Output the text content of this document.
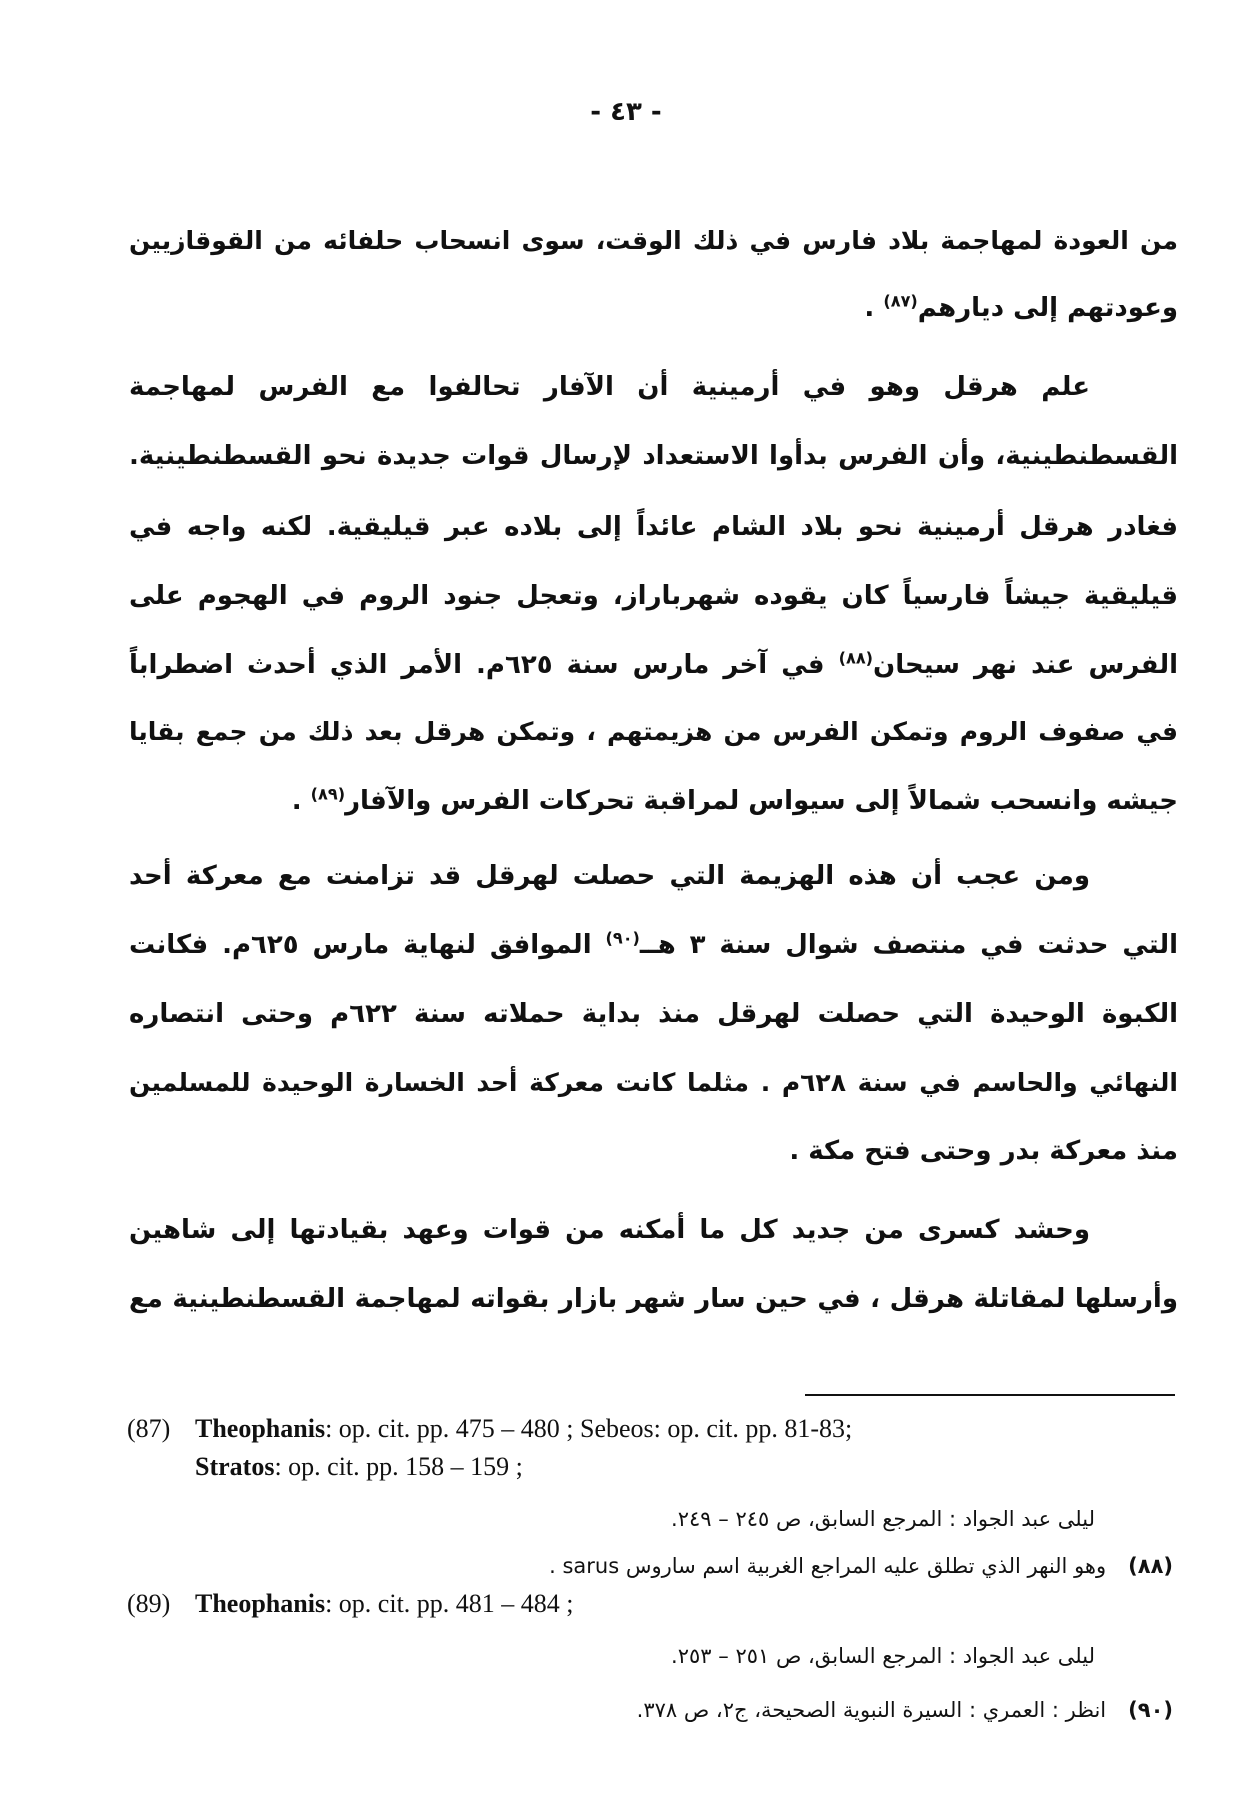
- ٤٣ -
من العودة لمهاجمة بلاد فارس في ذلك الوقت، سوى انسحاب حلفائه من القوقازيين
وعودتهم إلى ديارهم$^{(٨٧)}$ .
علم هرقل وهو في أرمينية أن الآفار تحالفوا مع الفرس لمهاجمة
القسطنطينية، وأن الفرس بدأوا الاستعداد لإرسال قوات جديدة نحو القسطنطينية.
فغادر هرقل أرمينية نحو بلاد الشام عائداً إلى بلاده عبر قيليقية. لكنه واجه في
قيليقية جيشاً فارسياً كان يقوده شهرباراز، وتعجل جنود الروم في الهجوم على
الفرس عند نهر سيحان$^{(٨٨)}$ في آخر مارس سنة ٦٢٥م. الأمر الذي أحدث اضطراباً
في صفوف الروم وتمكن الفرس من هزيمتهم ، وتمكن هرقل بعد ذلك من جمع بقايا
جيشه وانسحب شمالاً إلى سيواس لمراقبة تحركات الفرس والآفار$^{(٨٩)}$ .
ومن عجب أن هذه الهزيمة التي حصلت لهرقل قد تزامنت مع معركة أحد
التي حدثت في منتصف شوال سنة ٣ هــ$^{(٩٠)}$ الموافق لنهاية مارس ٦٢٥م. فكانت
الكبوة الوحيدة التي حصلت لهرقل منذ بداية حملاته سنة ٦٢٢م وحتى انتصاره
النهائي والحاسم في سنة ٦٢٨م . مثلما كانت معركة أحد الخسارة الوحيدة للمسلمين
منذ معركة بدر وحتى فتح مكة .
وحشد كسرى من جديد كل ما أمكنه من قوات وعهد بقيادتها إلى شاهين
وأرسلها لمقاتلة هرقل ، في حين سار شهر بازار بقواته لمهاجمة القسطنطينية مع
(87) Theophanis: op. cit. pp. 475 – 480 ; Sebeos: op. cit. pp. 81-83;
Stratos: op. cit. pp. 158 – 159 ;
ليلى عبد الجواد : المرجع السابق، ص ٢٤٥ – ٢٤٩.
(٨٨)وهو النهر الذي تطلق عليه المراجع الغربية اسم ساروس sarus .
(89) Theophanis: op. cit. pp. 481 – 484 ;
ليلى عبد الجواد : المرجع السابق، ص ٢٥١ – ٢٥٣.
(٩٠)انظر : العمري : السيرة النبوية الصحيحة، ج٢، ص ٣٧٨.
